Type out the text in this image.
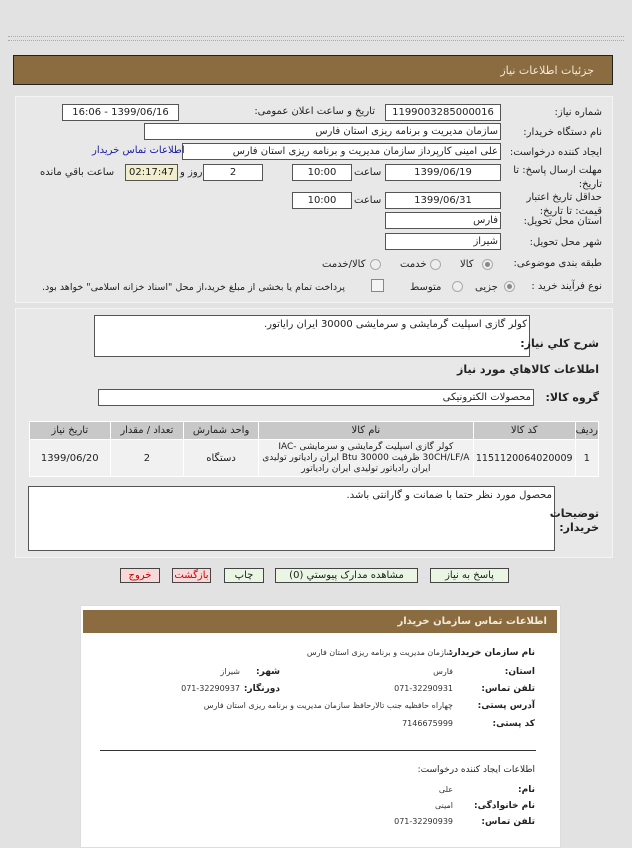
جزئیات اطلاعات نیاز
شماره نیاز:
1199003285000016
تاریخ و ساعت اعلان عمومی:
1399/06/16 - 16:06
نام دستگاه خریدار:
سازمان مدیریت و برنامه ریزی استان فارس
ایجاد کننده درخواست:
علی امینی کارپرداز سازمان مدیریت و برنامه ریزی استان فارس
اطلاعات تماس خریدار
مهلت ارسال پاسخ: تا تاریخ:
1399/06/19
ساعت
10:00
2
روز و
02:17:47
ساعت باقي مانده
حداقل تاریخ اعتبار قیمت: تا تاریخ:
1399/06/31
ساعت
10:00
استان محل تحویل:
فارس
شهر محل تحویل:
شیراز
طبقه بندی موضوعی:
کالا
خدمت
کالا/خدمت
نوع فرآیند خرید :
جزیی
متوسط
پرداخت تمام یا بخشی از مبلغ خرید،از محل "اسناد خزانه اسلامی" خواهد بود.
کولر گازی اسپلیت گرمایشی و سرمایشی 30000 ایران رایاتور.
شرح کلي نیاز:
اطلاعات کالاهاي مورد نیاز
گروه کالا:
محصولات الکترونیکی
ردیف	کد کالا	نام کالا	واحد شمارش	تعداد / مقدار	تاریخ نیاز
1	1151120064020009	کولر گازی اسپلیت گرمایشی و سرمایشی IAC-30CH/LF/A ظرفیت 30000 Btu ایران رادیاتور تولیدی ایران رادیاتور تولیدی ایران رادیاتور	دستگاه	2	1399/06/20
محصول مورد نظر حتما با ضمانت و گارانتی باشد.
توضیحات خریدار:
پاسخ به نیاز
مشاهده مدارک پیوستي (0)
چاپ
بازگشت
خروج
اطلاعات تماس سازمان خریدار
نام سازمان خریدار:
سازمان مدیریت و برنامه ریزی استان فارس
استان:
فارس
شهر:
شیراز
تلفن تماس:
071-32290931
دورنگار:
071-32290937
آدرس پستی:
چهاراه حافظیه جنب تالارحافظ سازمان مدیریت و برنامه ریزی استان فارس
کد پستی:
7146675999
اطلاعات ایجاد کننده درخواست:
نام:
علی
نام خانوادگی:
امینی
تلفن تماس:
071-32290939
